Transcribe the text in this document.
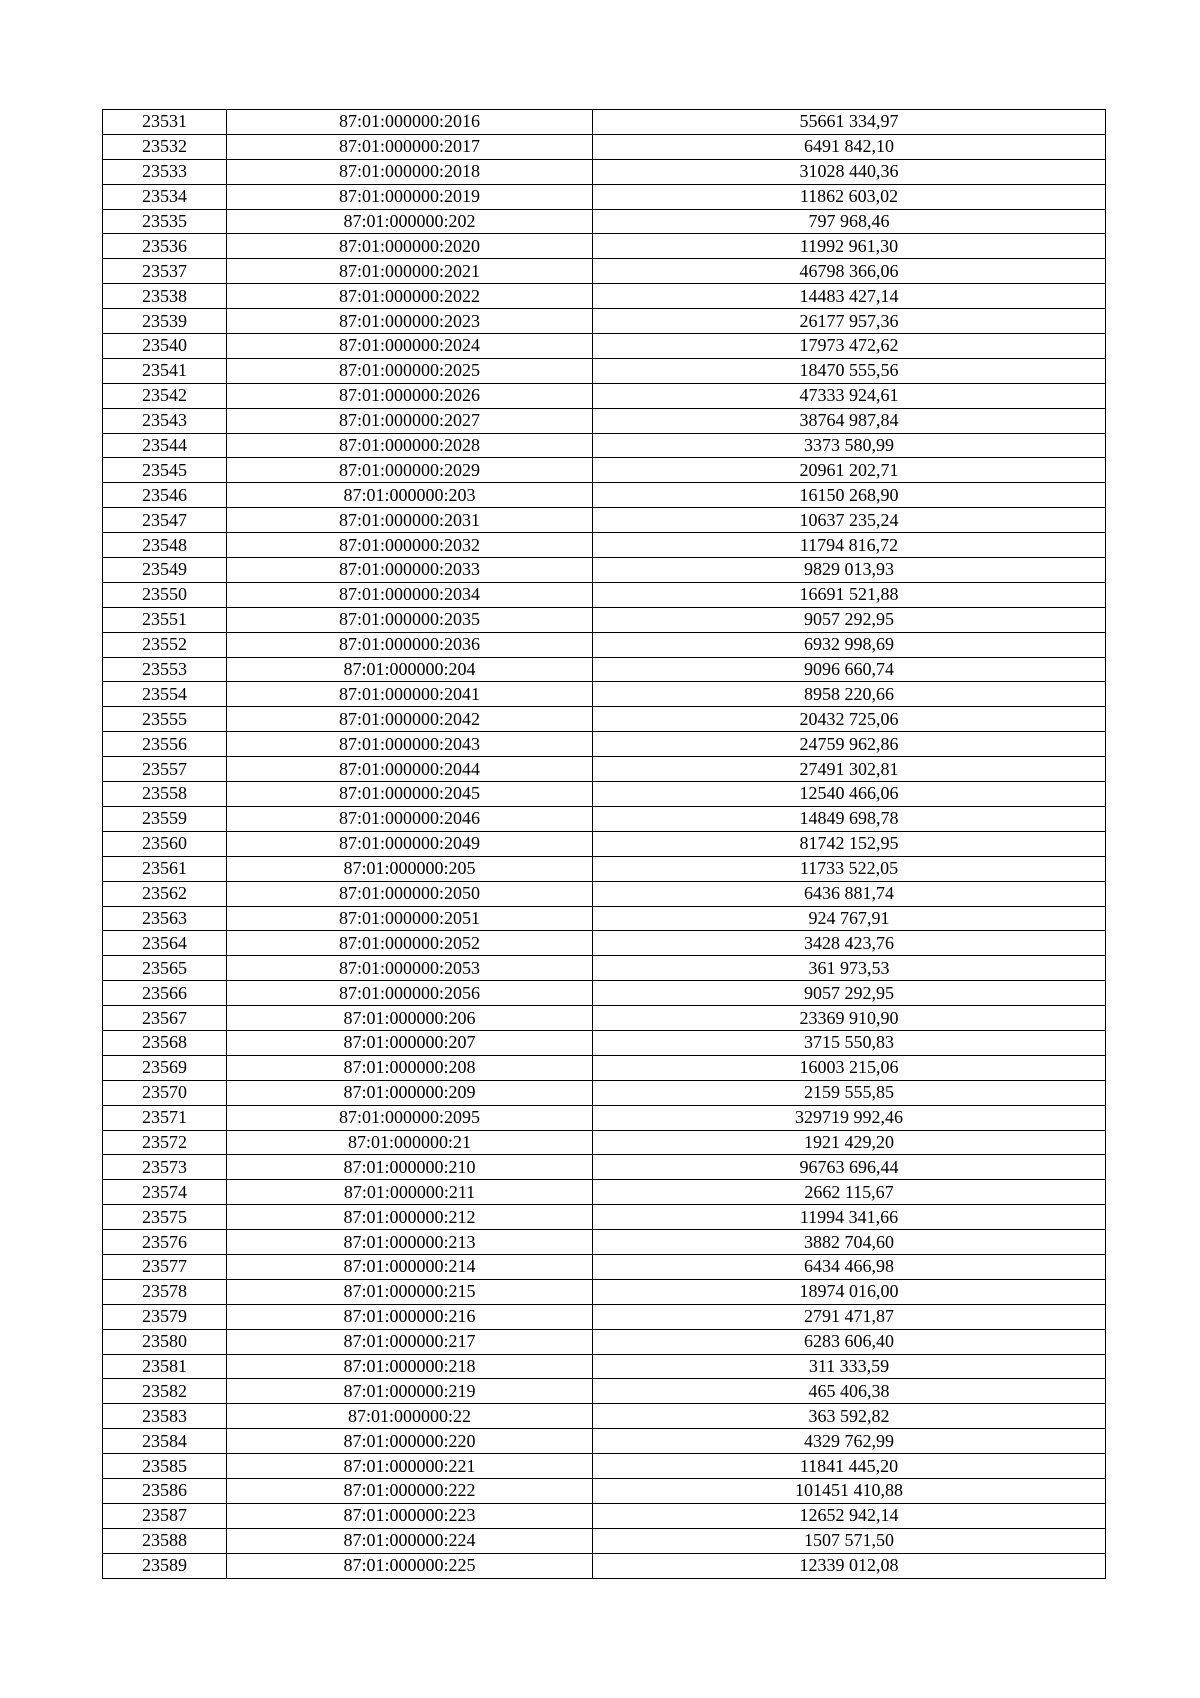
23531	87:01:000000:2016	55661 334,97
23532	87:01:000000:2017	6491 842,10
23533	87:01:000000:2018	31028 440,36
23534	87:01:000000:2019	11862 603,02
23535	87:01:000000:202	797 968,46
23536	87:01:000000:2020	11992 961,30
23537	87:01:000000:2021	46798 366,06
23538	87:01:000000:2022	14483 427,14
23539	87:01:000000:2023	26177 957,36
23540	87:01:000000:2024	17973 472,62
23541	87:01:000000:2025	18470 555,56
23542	87:01:000000:2026	47333 924,61
23543	87:01:000000:2027	38764 987,84
23544	87:01:000000:2028	3373 580,99
23545	87:01:000000:2029	20961 202,71
23546	87:01:000000:203	16150 268,90
23547	87:01:000000:2031	10637 235,24
23548	87:01:000000:2032	11794 816,72
23549	87:01:000000:2033	9829 013,93
23550	87:01:000000:2034	16691 521,88
23551	87:01:000000:2035	9057 292,95
23552	87:01:000000:2036	6932 998,69
23553	87:01:000000:204	9096 660,74
23554	87:01:000000:2041	8958 220,66
23555	87:01:000000:2042	20432 725,06
23556	87:01:000000:2043	24759 962,86
23557	87:01:000000:2044	27491 302,81
23558	87:01:000000:2045	12540 466,06
23559	87:01:000000:2046	14849 698,78
23560	87:01:000000:2049	81742 152,95
23561	87:01:000000:205	11733 522,05
23562	87:01:000000:2050	6436 881,74
23563	87:01:000000:2051	924 767,91
23564	87:01:000000:2052	3428 423,76
23565	87:01:000000:2053	361 973,53
23566	87:01:000000:2056	9057 292,95
23567	87:01:000000:206	23369 910,90
23568	87:01:000000:207	3715 550,83
23569	87:01:000000:208	16003 215,06
23570	87:01:000000:209	2159 555,85
23571	87:01:000000:2095	329719 992,46
23572	87:01:000000:21	1921 429,20
23573	87:01:000000:210	96763 696,44
23574	87:01:000000:211	2662 115,67
23575	87:01:000000:212	11994 341,66
23576	87:01:000000:213	3882 704,60
23577	87:01:000000:214	6434 466,98
23578	87:01:000000:215	18974 016,00
23579	87:01:000000:216	2791 471,87
23580	87:01:000000:217	6283 606,40
23581	87:01:000000:218	311 333,59
23582	87:01:000000:219	465 406,38
23583	87:01:000000:22	363 592,82
23584	87:01:000000:220	4329 762,99
23585	87:01:000000:221	11841 445,20
23586	87:01:000000:222	101451 410,88
23587	87:01:000000:223	12652 942,14
23588	87:01:000000:224	1507 571,50
23589	87:01:000000:225	12339 012,08
